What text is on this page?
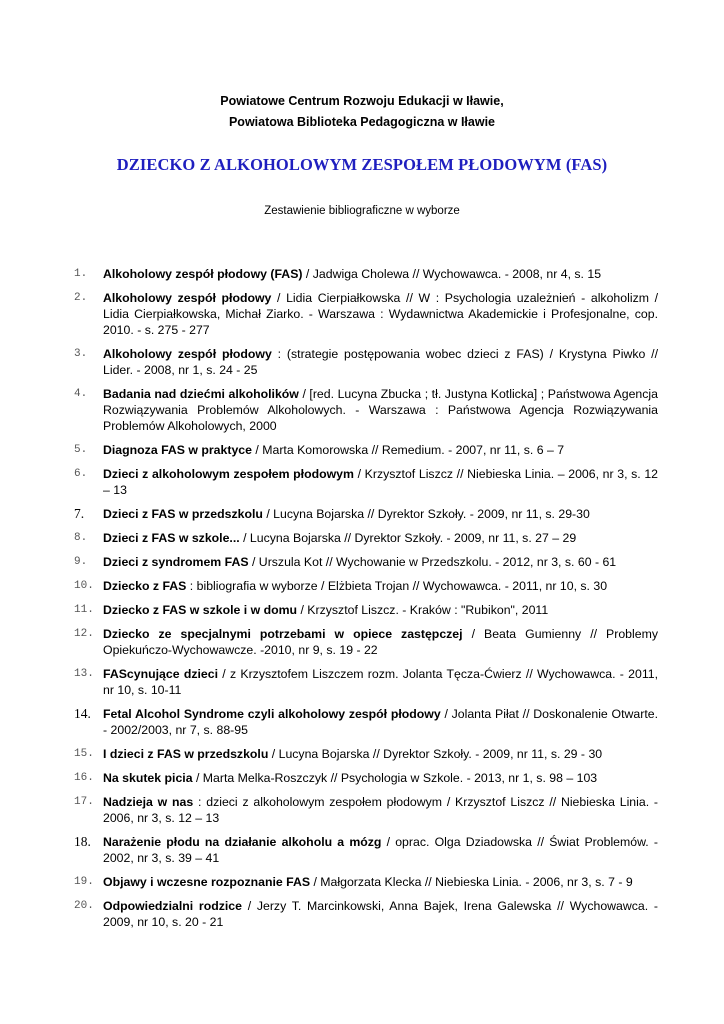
Powiatowe Centrum Rozwoju Edukacji w Iławie,
Powiatowa Biblioteka Pedagogiczna w Iławie
DZIECKO Z ALKOHOLOWYM ZESPOŁEM PŁODOWYM (FAS)
Zestawienie bibliograficzne w wyborze
1.	Alkoholowy zespół płodowy (FAS) / Jadwiga Cholewa // Wychowawca. - 2008, nr 4, s. 15
2.	Alkoholowy zespół płodowy / Lidia Cierpiałkowska // W : Psychologia uzależnień - alkoholizm / Lidia Cierpiałkowska, Michał Ziarko. - Warszawa : Wydawnictwa Akademickie i Profesjonalne, cop. 2010. - s. 275 - 277
3.	Alkoholowy zespół płodowy : (strategie postępowania wobec dzieci z FAS) / Krystyna Piwko // Lider. - 2008, nr 1, s. 24 - 25
4.	Badania nad dziećmi alkoholików / [red. Lucyna Zbucka ; tł. Justyna Kotlicka] ; Państwowa Agencja Rozwiązywania Problemów Alkoholowych. - Warszawa : Państwowa Agencja Rozwiązywania Problemów Alkoholowych, 2000
5.	Diagnoza FAS w praktyce / Marta Komorowska // Remedium. - 2007, nr 11, s. 6 – 7
6.	Dzieci z alkoholowym zespołem płodowym / Krzysztof Liszcz // Niebieska Linia. – 2006, nr 3, s. 12 – 13
7.	Dzieci z FAS w przedszkolu / Lucyna Bojarska // Dyrektor Szkoły. - 2009, nr 11, s. 29-30
8.	Dzieci z FAS w szkole... / Lucyna Bojarska // Dyrektor Szkoły. - 2009, nr 11, s. 27 – 29
9.	Dzieci z syndromem FAS / Urszula Kot // Wychowanie w Przedszkolu. - 2012, nr 3, s. 60 - 61
10. Dziecko z FAS : bibliografia w wyborze / Elżbieta Trojan // Wychowawca. - 2011, nr 10, s. 30
11. Dziecko z FAS w szkole i w domu / Krzysztof Liszcz. - Kraków : "Rubikon", 2011
12. Dziecko ze specjalnymi potrzebami w opiece zastępczej / Beata Gumienny // Problemy Opiekuńczo-Wychowawcze. -2010, nr 9, s. 19 - 22
13. FAScynujące dzieci / z Krzysztofem Liszczem rozm. Jolanta Tęcza-Ćwierz // Wychowawca. - 2011, nr 10, s. 10-11
14. Fetal Alcohol Syndrome czyli alkoholowy zespół płodowy / Jolanta Piłat // Doskonalenie Otwarte. - 2002/2003, nr 7, s. 88-95
15. I dzieci z FAS w przedszkolu / Lucyna Bojarska // Dyrektor Szkoły. - 2009, nr 11, s. 29 - 30
16. Na skutek picia / Marta Melka-Roszczyk // Psychologia w Szkole. - 2013, nr 1, s. 98 – 103
17. Nadzieja w nas : dzieci z alkoholowym zespołem płodowym / Krzysztof Liszcz // Niebieska Linia. - 2006, nr 3, s. 12 – 13
18. Narażenie płodu na działanie alkoholu a mózg / oprac. Olga Dziadowska // Świat Problemów. - 2002, nr 3, s. 39 – 41
19. Objawy i wczesne rozpoznanie FAS / Małgorzata Klecka // Niebieska Linia. - 2006, nr 3, s. 7 - 9
20. Odpowiedzialni rodzice / Jerzy T. Marcinkowski, Anna Bajek, Irena Galewska // Wychowawca. - 2009, nr 10, s. 20 - 21
